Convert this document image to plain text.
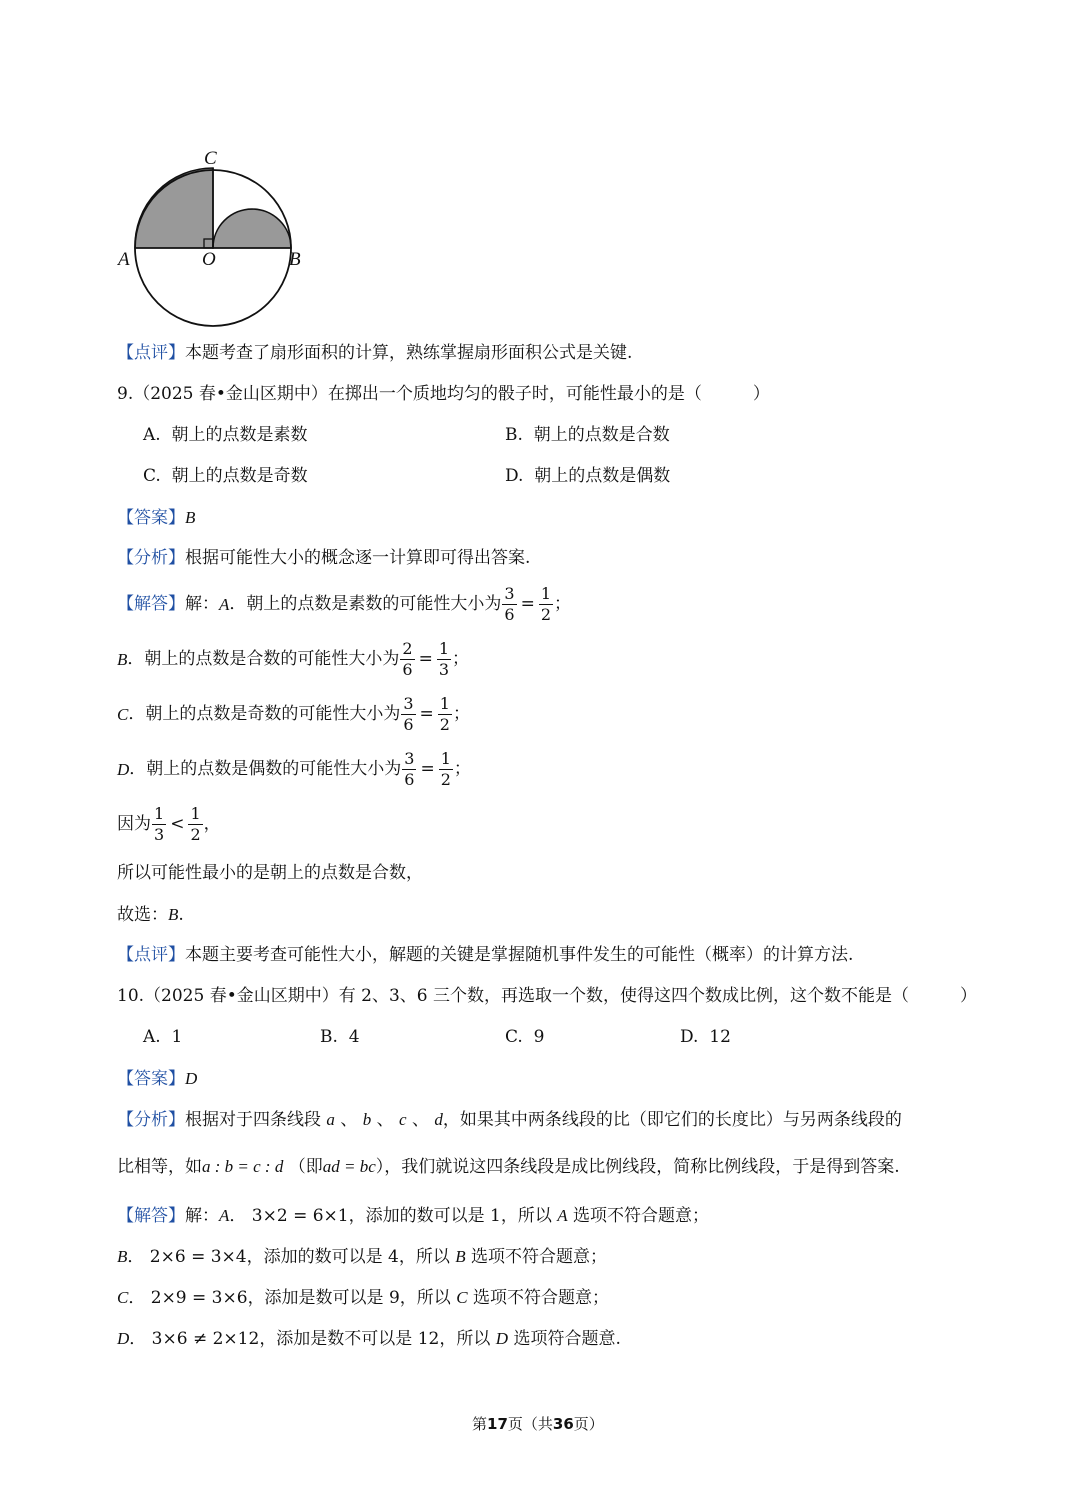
C
A	O	B
【点评】本题考查了扇形面积的计算，熟练掌握扇形面积公式是关键.
9.（2025 春•金山区期中）在掷出一个质地均匀的骰子时，可能性最小的是（　　　）
A. 朝上的点数是素数	B. 朝上的点数是合数
C. 朝上的点数是奇数	D. 朝上的点数是偶数
【答案】B
【分析】根据可能性大小的概念逐一计算即可得出答案.
【解答】解：A．朝上的点数是素数的可能性大小为 $\frac{3}{6} = \frac{1}{2}$ ；
B．朝上的点数是合数的可能性大小为 $\frac{2}{6} = \frac{1}{3}$ ；
C．朝上的点数是奇数的可能性大小为 $\frac{3}{6} = \frac{1}{2}$ ；
D．朝上的点数是偶数的可能性大小为 $\frac{3}{6} = \frac{1}{2}$ ；
因为 $\frac{1}{3} < \frac{1}{2}$ ，
所以可能性最小的是朝上的点数是合数，
故选：B.
【点评】本题主要考查可能性大小，解题的关键是掌握随机事件发生的可能性（概率）的计算方法.
10.（2025 春•金山区期中）有 2、3、6 三个数，再选取一个数，使得这四个数成比例，这个数不能是（　　　）
A. 1	B. 4	C. 9	D. 12
【答案】D
【分析】根据对于四条线段 a 、 b 、 c 、 d，如果其中两条线段的比（即它们的长度比）与另两条线段的
比相等，如a : b = c : d （即ad = bc），我们就说这四条线段是成比例线段，简称比例线段，于是得到答案.
【解答】解：A． 3×2 = 6×1，添加的数可以是 1，所以 A 选项不符合题意；
B． 2×6 = 3×4，添加的数可以是 4，所以 B 选项不符合题意；
C． 2×9 = 3×6，添加是数可以是 9，所以 C 选项不符合题意；
D． 3×6 ≠ 2×12，添加是数不可以是 12，所以 D 选项符合题意.
第17页（共36页）
